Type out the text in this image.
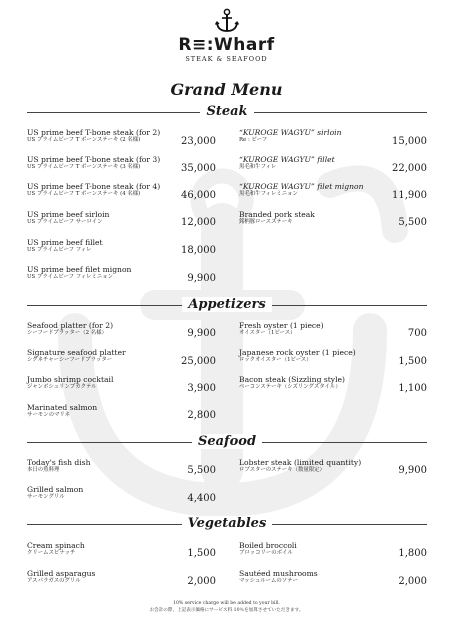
R≡:Wharf
STEAK & SEAFOOD
Grand Menu
Steak
US prime beef T-bone steak (for 2)
US プライムビーフ T ボーンステーキ (2 名様)	23,000
US prime beef T-bone steak (for 3)
US プライムビーフ T ボーンステーキ (3 名様)	35,000
US prime beef T-bone steak (for 4)
US プライムビーフ T ボーンステーキ (4 名様)	46,000
US prime beef sirloin
US プライムビーフ サーロイン	12,000
US prime beef fillet
US プライムビーフ フィレ	18,000
US prime beef filet mignon
US プライムビーフ フィレミニョン	9,900
“KUROGE WAGYU” sirloin
Re : ビーフ	15,000
“KUROGE WAGYU” fillet
黒毛和牛フィレ	22,000
“KUROGE WAGYU” filet mignon
黒毛和牛フィレミニョン	11,900
Branded pork steak
銘柄豚ロースステーキ	5,500
Appetizers
Seafood platter (for 2)
シーフードプラッター（2 名様）	9,900
Signature seafood platter
シグネチャーシーフードプラッター	25,000
Jumbo shrimp cocktail
ジャンボシュリンプカクテル	3,900
Marinated salmon
サーモンのマリネ	2,800
Fresh oyster (1 piece)
オイスター（1ピース）	700
Japanese rock oyster (1 piece)
ロックオイスター（1ピース）	1,500
Bacon steak (Sizzling style)
ベーコンステーキ（シズリングスタイル）	1,100
Seafood
Today's fish dish
本日の魚料理	5,500
Grilled salmon
サーモングリル	4,400
Lobster steak (limited quantity)
ロブスターのステーキ（数量限定）	9,900
Vegetables
Cream spinach
クリームスピナッチ	1,500
Grilled asparagus
アスパラガスのグリル	2,000
Boiled broccoli
ブロッコリーのボイル	1,800
Sautéed mushrooms
マッシュルームのソテー	2,000
10% service charge will be added to your bill.
お会計の際、上記表示価格にサービス料 10％を加算させていただきます。
